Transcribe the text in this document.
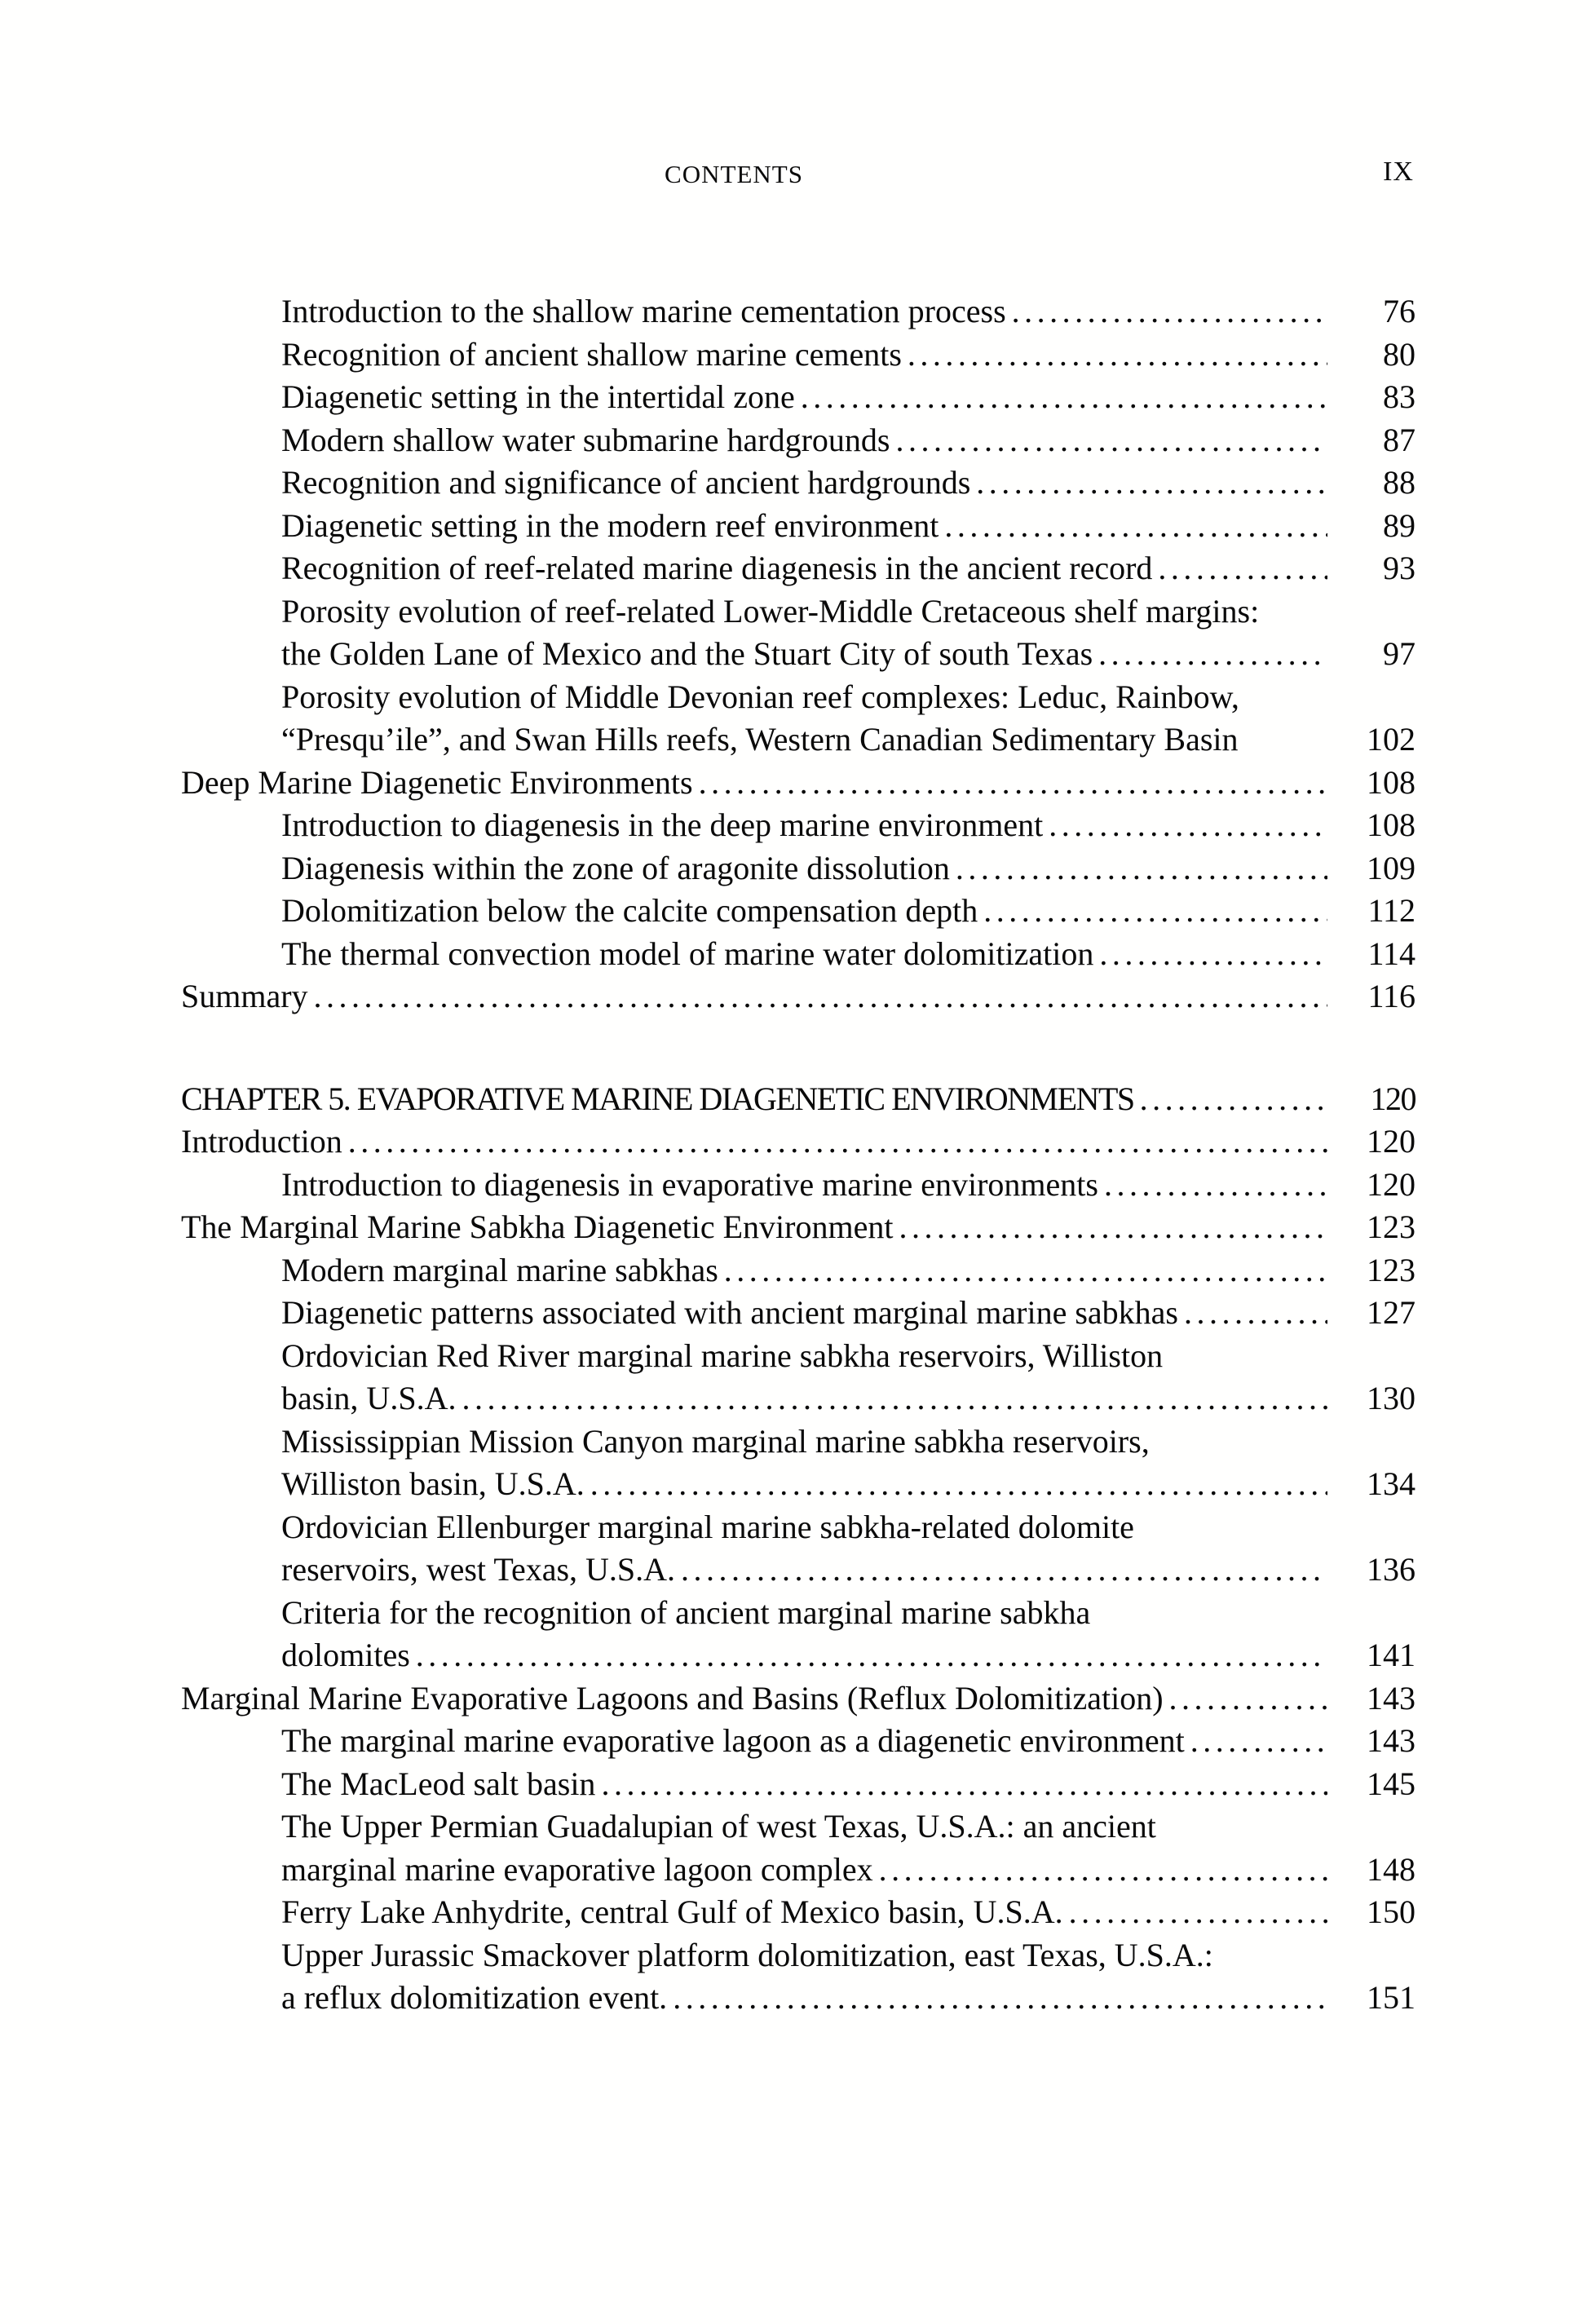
CONTENTS	IX
Introduction to the shallow marine cementation process .....	76
Recognition of ancient shallow marine cements .....	80
Diagenetic setting in the intertidal zone .....	83
Modern shallow water submarine hardgrounds .....	87
Recognition and significance of ancient hardgrounds .....	88
Diagenetic setting in the modern reef environment .....	89
Recognition of reef-related marine diagenesis in the ancient record .....	93
Porosity evolution of reef-related Lower-Middle Cretaceous shelf margins:
the Golden Lane of Mexico and the Stuart City of south Texas .....	97
Porosity evolution of Middle Devonian reef complexes: Leduc, Rainbow,
“Presqu’ile”, and Swan Hills reefs, Western Canadian Sedimentary Basin	102
Deep Marine Diagenetic Environments .....	108
Introduction to diagenesis in the deep marine environment .....	108
Diagenesis within the zone of aragonite dissolution .....	109
Dolomitization below the calcite compensation depth .....	112
The thermal convection model of marine water dolomitization .....	114
Summary .....	116
CHAPTER 5. EVAPORATIVE MARINE DIAGENETIC ENVIRONMENTS .....	120
Introduction .....	120
Introduction to diagenesis in evaporative marine environments .....	120
The Marginal Marine Sabkha Diagenetic Environment .....	123
Modern marginal marine sabkhas .....	123
Diagenetic patterns associated with ancient marginal marine sabkhas .....	127
Ordovician Red River marginal marine sabkha reservoirs, Williston
basin, U.S.A. .....	130
Mississippian Mission Canyon marginal marine sabkha reservoirs,
Williston basin, U.S.A. .....	134
Ordovician Ellenburger marginal marine sabkha-related dolomite
reservoirs, west Texas, U.S.A. .....	136
Criteria for the recognition of ancient marginal marine sabkha
dolomites .....	141
Marginal Marine Evaporative Lagoons and Basins (Reflux Dolomitization) .....	143
The marginal marine evaporative lagoon as a diagenetic environment .....	143
The MacLeod salt basin .....	145
The Upper Permian Guadalupian of west Texas, U.S.A.: an ancient
marginal marine evaporative lagoon complex .....	148
Ferry Lake Anhydrite, central Gulf of Mexico basin, U.S.A. .....	150
Upper Jurassic Smackover platform dolomitization, east Texas, U.S.A.:
a reflux dolomitization event. .....	151
